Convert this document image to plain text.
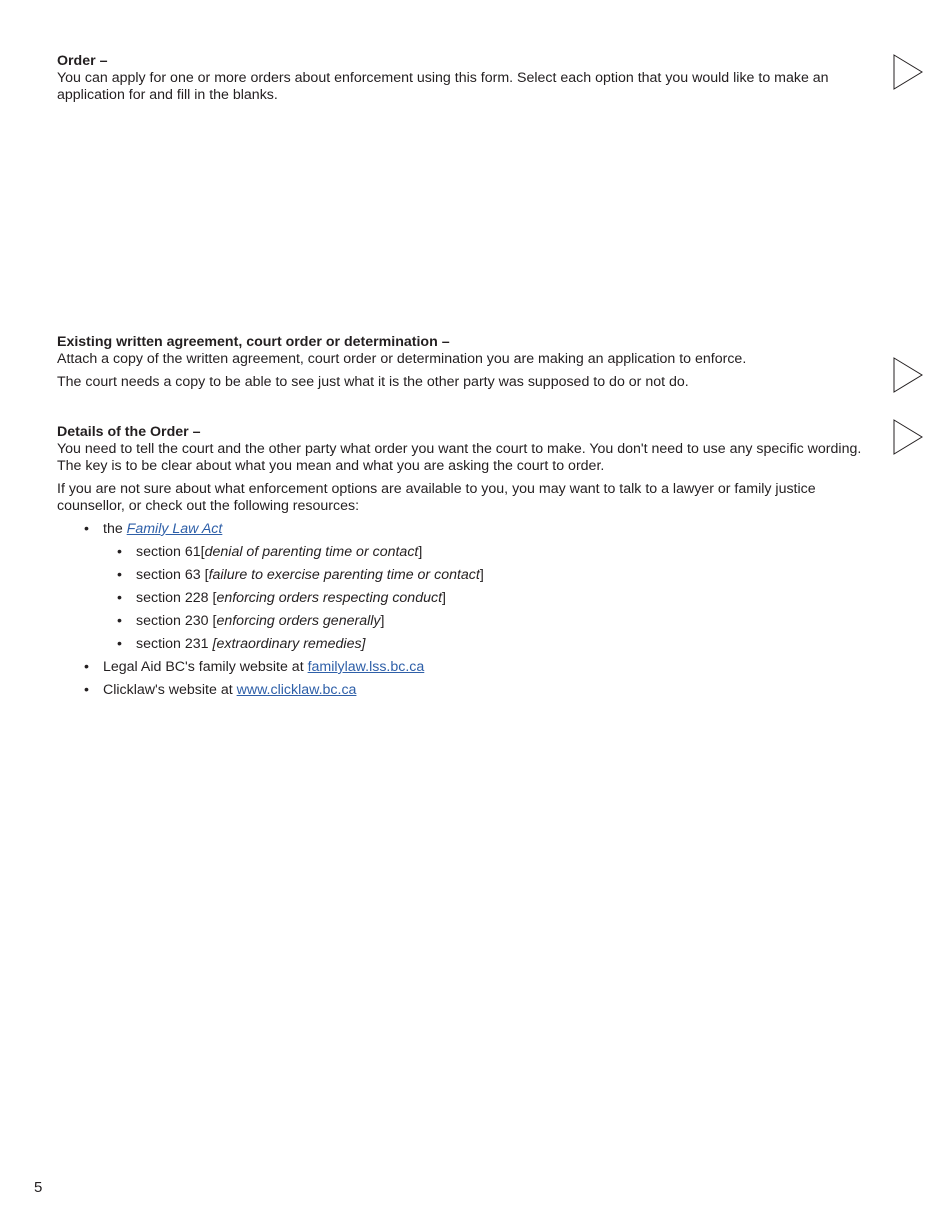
Order –

You can apply for one or more orders about enforcement using this form. Select each option that you would like to make an application for and fill in the blanks.

Existing written agreement, court order or determination –

Attach a copy of the written agreement, court order or determination you are making an application to enforce.

The court needs a copy to be able to see just what it is the other party was supposed to do or not do.

Details of the Order –

You need to tell the court and the other party what order you want the court to make. You don't need to use any specific wording. The key is to be clear about what you mean and what you are asking the court to order.

If you are not sure about what enforcement options are available to you, you may want to talk to a lawyer or family justice counsellor, or check out the following resources:

• the Family Law Act
• section 61[denial of parenting time or contact]
• section 63 [failure to exercise parenting time or contact]
• section 228 [enforcing orders respecting conduct]
• section 230 [enforcing orders generally]
• section 231 [extraordinary remedies]
• Legal Aid BC's family website at familylaw.lss.bc.ca
• Clicklaw's website at www.clicklaw.bc.ca
5
